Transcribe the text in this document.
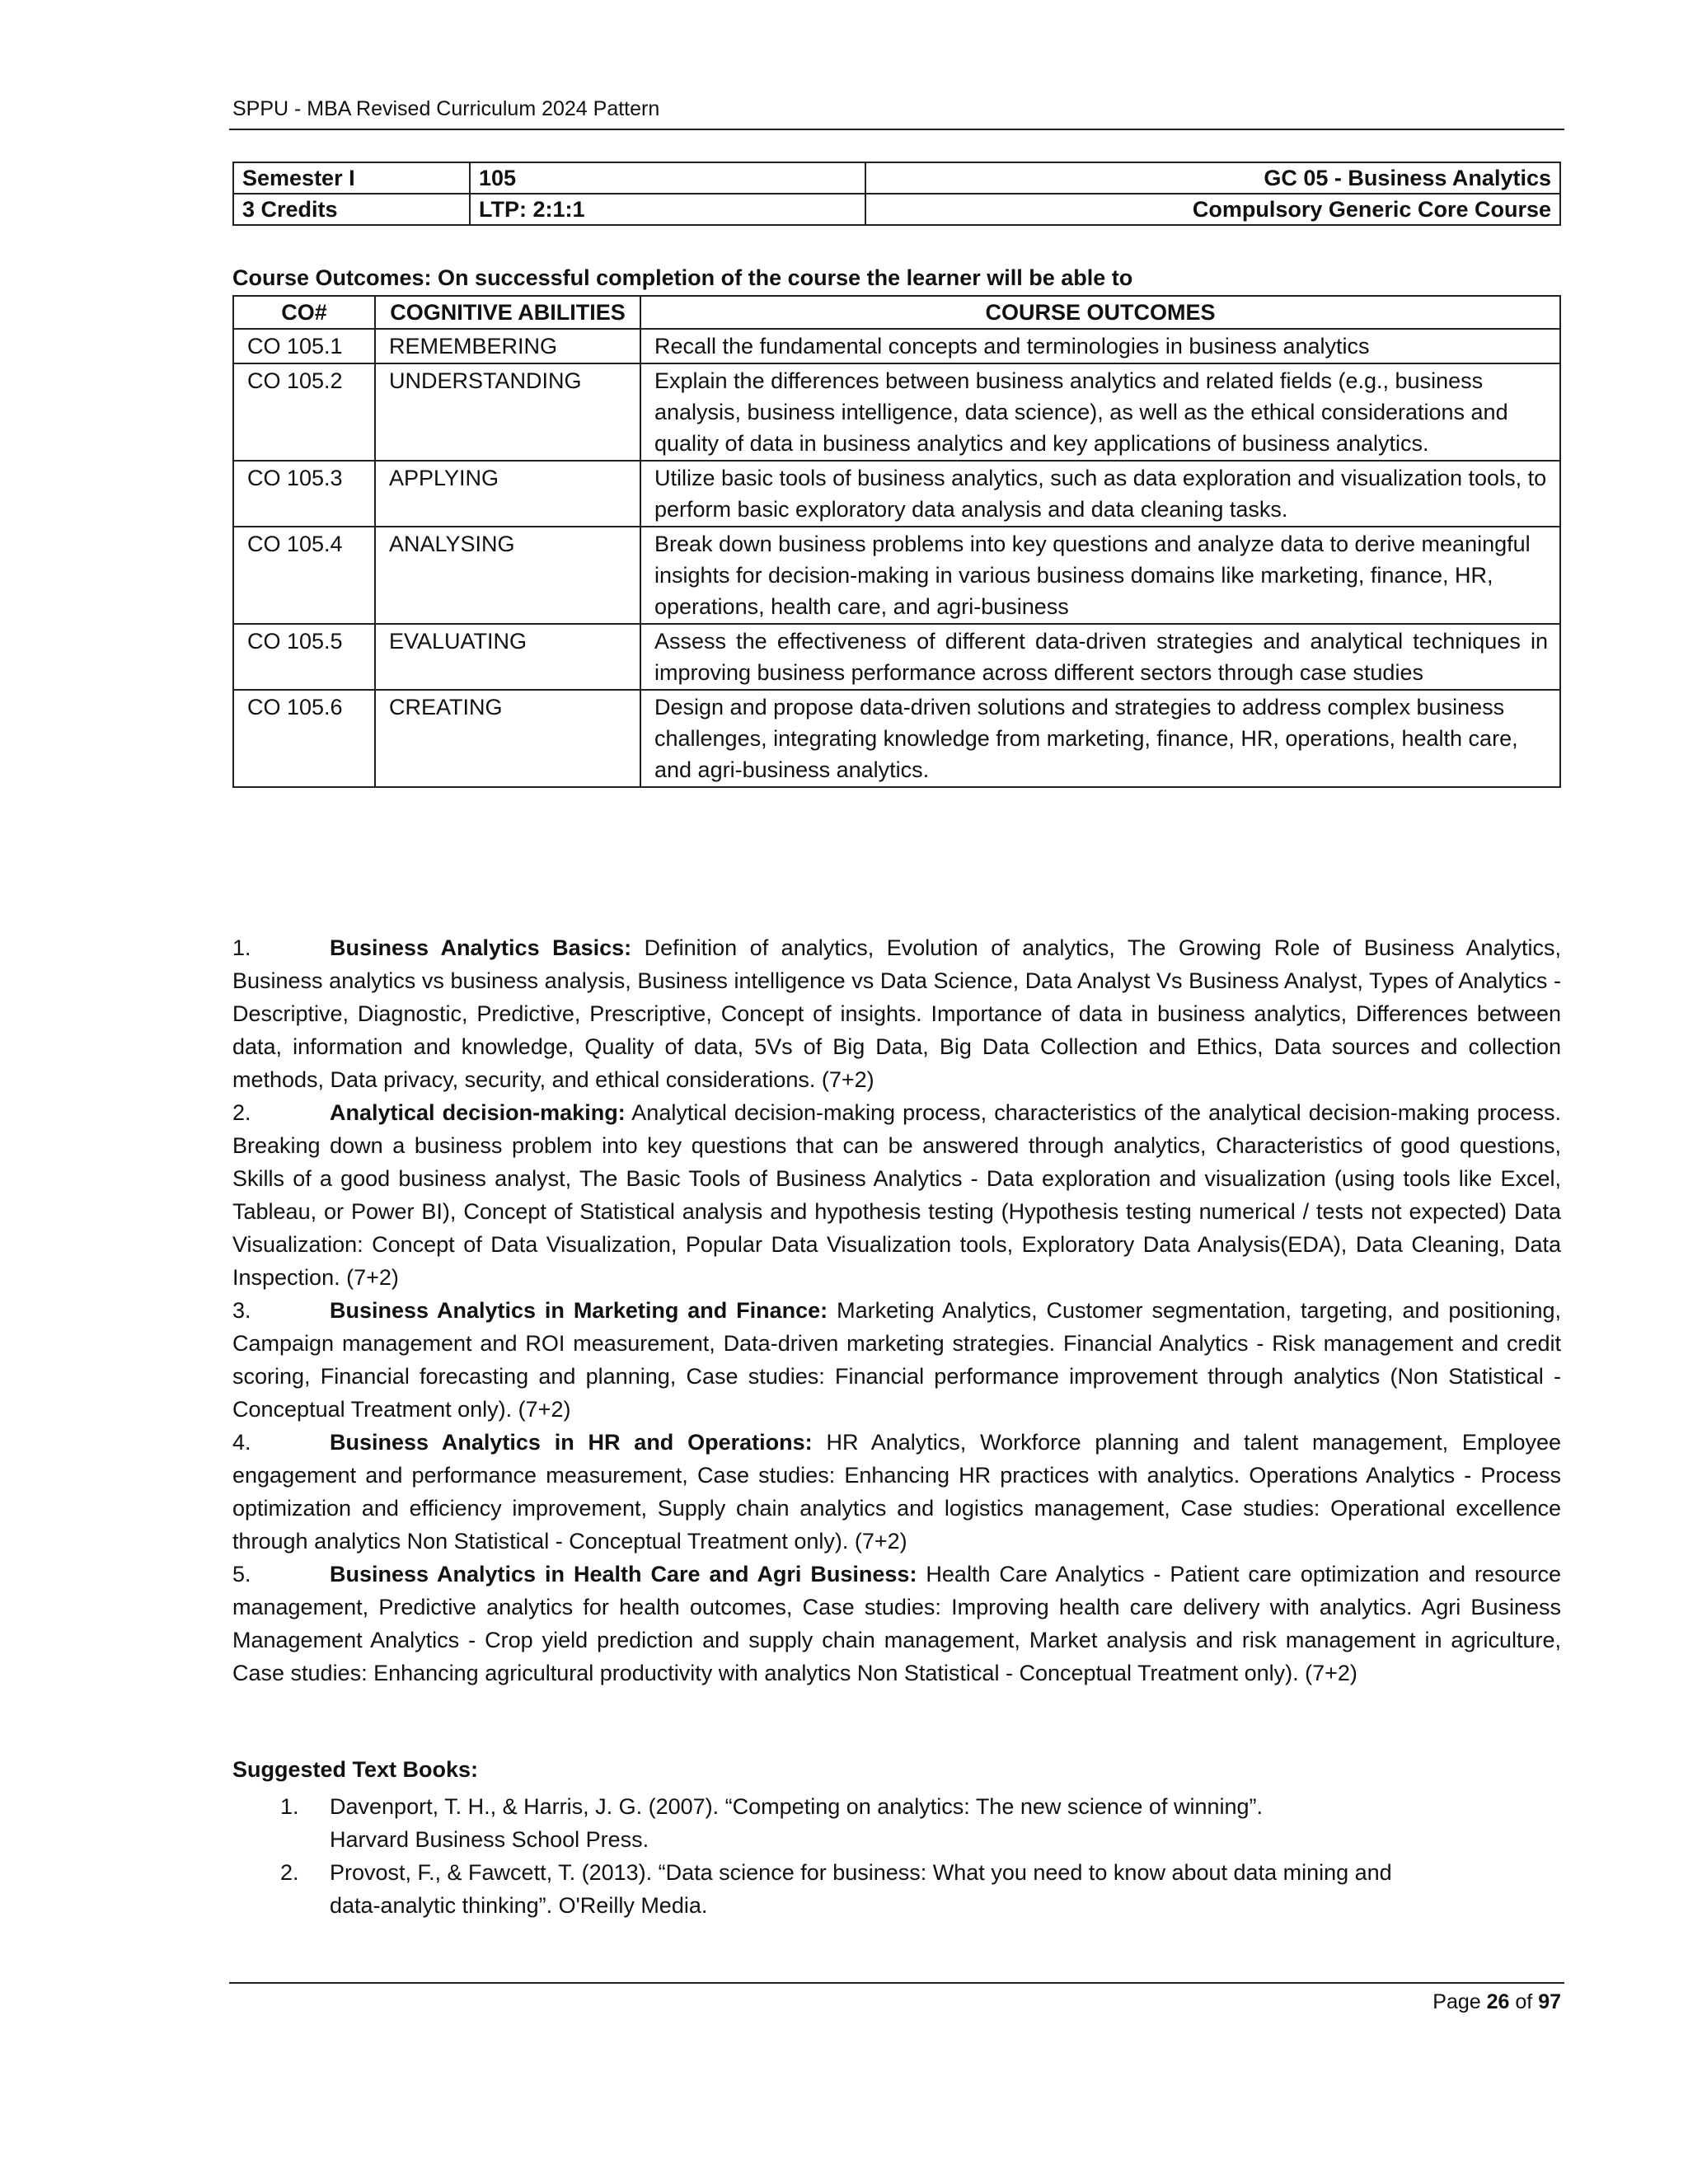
SPPU - MBA Revised Curriculum 2024 Pattern
Semester I	105	GC 05 - Business Analytics
3 Credits	LTP: 2:1:1	Compulsory Generic Core Course
Course Outcomes: On successful completion of the course the learner will be able to
CO#	COGNITIVE ABILITIES	COURSE OUTCOMES
CO 105.1	REMEMBERING	Recall the fundamental concepts and terminologies in business analytics
CO 105.2	UNDERSTANDING	Explain the differences between business analytics and related fields (e.g., business analysis, business intelligence, data science), as well as the ethical considerations and quality of data in business analytics and key applications of business analytics.
CO 105.3	APPLYING	Utilize basic tools of business analytics, such as data exploration and visualization tools, to perform basic exploratory data analysis and data cleaning tasks.
CO 105.4	ANALYSING	Break down business problems into key questions and analyze data to derive meaningful insights for decision-making in various business domains like marketing, finance, HR, operations, health care, and agri-business
CO 105.5	EVALUATING	Assess the effectiveness of different data-driven strategies and analytical techniques in improving business performance across different sectors through case studies
CO 105.6	CREATING	Design and propose data-driven solutions and strategies to address complex business challenges, integrating knowledge from marketing, finance, HR, operations, health care, and agri-business analytics.

1.	Business Analytics Basics: Definition of analytics, Evolution of analytics, The Growing Role of Business Analytics, Business analytics vs business analysis, Business intelligence vs Data Science, Data Analyst Vs Business Analyst, Types of Analytics - Descriptive, Diagnostic, Predictive, Prescriptive, Concept of insights. Importance of data in business analytics, Differences between data, information and knowledge, Quality of data, 5Vs of Big Data, Big Data Collection and Ethics, Data sources and collection methods, Data privacy, security, and ethical considerations. (7+2)

2.	Analytical decision-making: Analytical decision-making process, characteristics of the analytical decision-making process. Breaking down a business problem into key questions that can be answered through analytics, Characteristics of good questions, Skills of a good business analyst, The Basic Tools of Business Analytics - Data exploration and visualization (using tools like Excel, Tableau, or Power BI), Concept of Statistical analysis and hypothesis testing (Hypothesis testing numerical / tests not expected) Data Visualization: Concept of Data Visualization, Popular Data Visualization tools, Exploratory Data Analysis(EDA), Data Cleaning, Data Inspection. (7+2)

3.	Business Analytics in Marketing and Finance: Marketing Analytics, Customer segmentation, targeting, and positioning, Campaign management and ROI measurement, Data-driven marketing strategies. Financial Analytics - Risk management and credit scoring, Financial forecasting and planning, Case studies: Financial performance improvement through analytics (Non Statistical - Conceptual Treatment only). (7+2)

4.	Business Analytics in HR and Operations: HR Analytics, Workforce planning and talent management, Employee engagement and performance measurement, Case studies: Enhancing HR practices with analytics. Operations Analytics - Process optimization and efficiency improvement, Supply chain analytics and logistics management, Case studies: Operational excellence through analytics Non Statistical - Conceptual Treatment only). (7+2)

5.	Business Analytics in Health Care and Agri Business: Health Care Analytics - Patient care optimization and resource management, Predictive analytics for health outcomes, Case studies: Improving health care delivery with analytics. Agri Business Management Analytics - Crop yield prediction and supply chain management, Market analysis and risk management in agriculture, Case studies: Enhancing agricultural productivity with analytics Non Statistical - Conceptual Treatment only). (7+2)

Suggested Text Books:
1. Davenport, T. H., & Harris, J. G. (2007). “Competing on analytics: The new science of winning”.
Harvard Business School Press.
2. Provost, F., & Fawcett, T. (2013). “Data science for business: What you need to know about data mining and
data-analytic thinking”. O'Reilly Media.
Page 26 of 97
